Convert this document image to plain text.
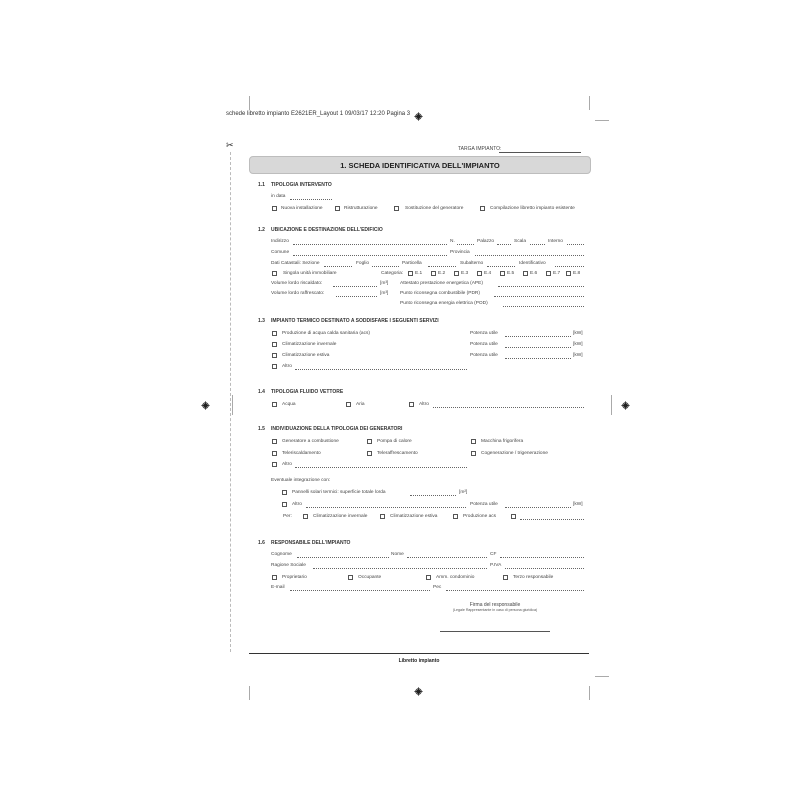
schede libretto impianto E2621ER_Layout 1 09/03/17 12:20 Pagina 3
✂	TARGA IMPIANTO:
1. SCHEDA IDENTIFICATIVA DELL'IMPIANTO
1.1 TIPOLOGIA INTERVENTO
in data
Nuova installazione	Ristrutturazione	Sostituzione del generatore	Compilazione libretto impianto esistente
1.2 UBICAZIONE E DESTINAZIONE DELL'EDIFICIO
Indirizzo	N.	Palazzo	Scala	Interno
Comune	Provincia
Dati Catastali: Sezione	Foglio	Particella	Subalterno	Identificativo
Singola unità immobiliare	Categoria: E.1	E.2	E.3	E.4	E.5	E.6	E.7	E.8
Volume lordo riscaldato:	[m³] Attestato prestazione energetica (APE)
Volume lordo raffrescato:	[m³] Punto riconsegna combustibile (PDR)
Punto riconsegna energia elettrica (POD)
1.3 IMPIANTO TERMICO DESTINATO A SODDISFARE I SEGUENTI SERVIZI
Produzione di acqua calda sanitaria (acs)	Potenza utile	[kW]
Climatizzazione invernale	Potenza utile	[kW]
Climatizzazione estiva	Potenza utile	[kW]
Altro
1.4 TIPOLOGIA FLUIDO VETTORE
Acqua	Aria	Altro
1.5 INDIVIDUAZIONE DELLA TIPOLOGIA DEI GENERATORI
Generatore a combustione	Pompa di calore	Macchina frigorifera
Teleriscaldamento	Teleraffrescamento	Cogenerazione / trigenerazione
Altro
Eventuale integrazione con:
Pannelli solari termici: superficie totale lorda	[m²]
Altro	Potenza utile	[kW]
Per:	Climatizzazione invernale	Climatizzazione estiva	Produzione acs
1.6 RESPONSABILE DELL'IMPIANTO
Cognome	Nome	CF
Ragione Sociale	P.IVA
Proprietario	Occupante	Amm. condominio	Terzo responsabile
E-mail	Pec
Firma del responsabile
(Legale Rappresentante in caso di persona giuridica)
Libretto impianto
